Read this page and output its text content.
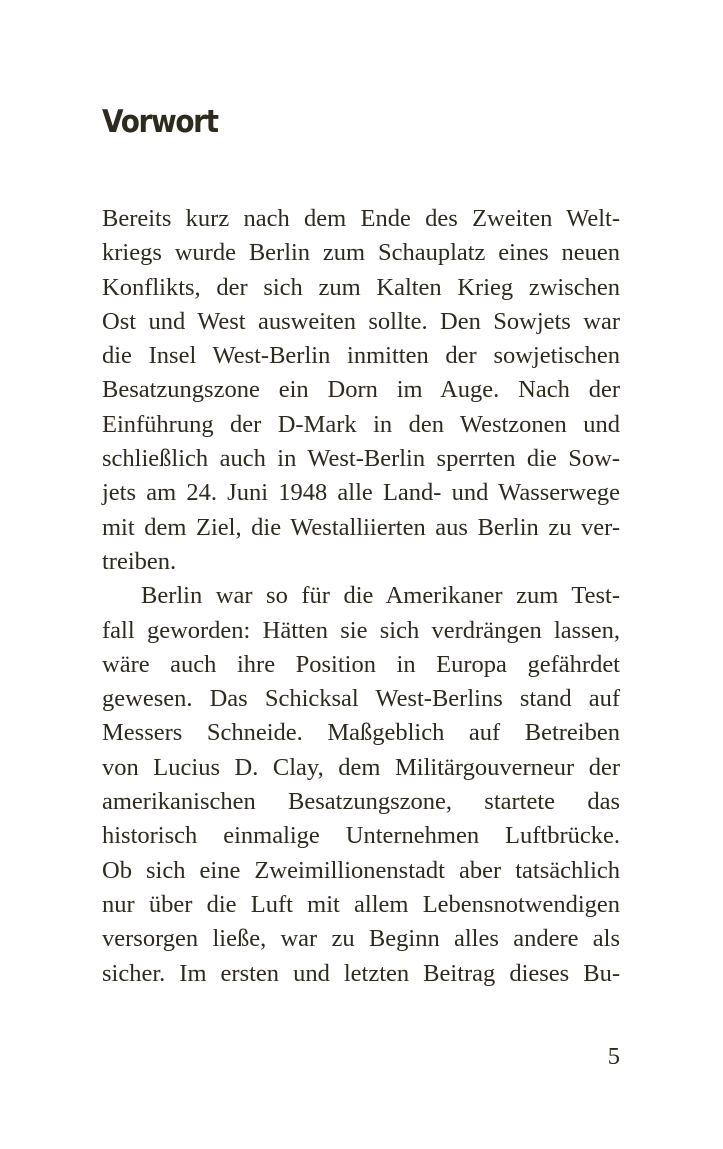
Vorwort
Bereits kurz nach dem Ende des Zweiten Welt-
kriegs wurde Berlin zum Schauplatz eines neuen
Konflikts, der sich zum Kalten Krieg zwischen
Ost und West ausweiten sollte. Den Sowjets war
die Insel West-Berlin inmitten der sowjetischen
Besatzungszone ein Dorn im Auge. Nach der
Einführung der D-Mark in den Westzonen und
schließlich auch in West-Berlin sperrten die Sow-
jets am 24. Juni 1948 alle Land- und Wasserwege
mit dem Ziel, die Westalliierten aus Berlin zu ver-
treiben.
Berlin war so für die Amerikaner zum Test-
fall geworden: Hätten sie sich verdrängen lassen,
wäre auch ihre Position in Europa gefährdet
gewesen. Das Schicksal West-Berlins stand auf
Messers Schneide. Maßgeblich auf Betreiben
von Lucius D. Clay, dem Militärgouverneur der
amerikanischen Besatzungszone, startete das
historisch einmalige Unternehmen Luftbrücke.
Ob sich eine Zweimillionenstadt aber tatsächlich
nur über die Luft mit allem Lebensnotwendigen
versorgen ließe, war zu Beginn alles andere als
sicher. Im ersten und letzten Beitrag dieses Bu-
5
